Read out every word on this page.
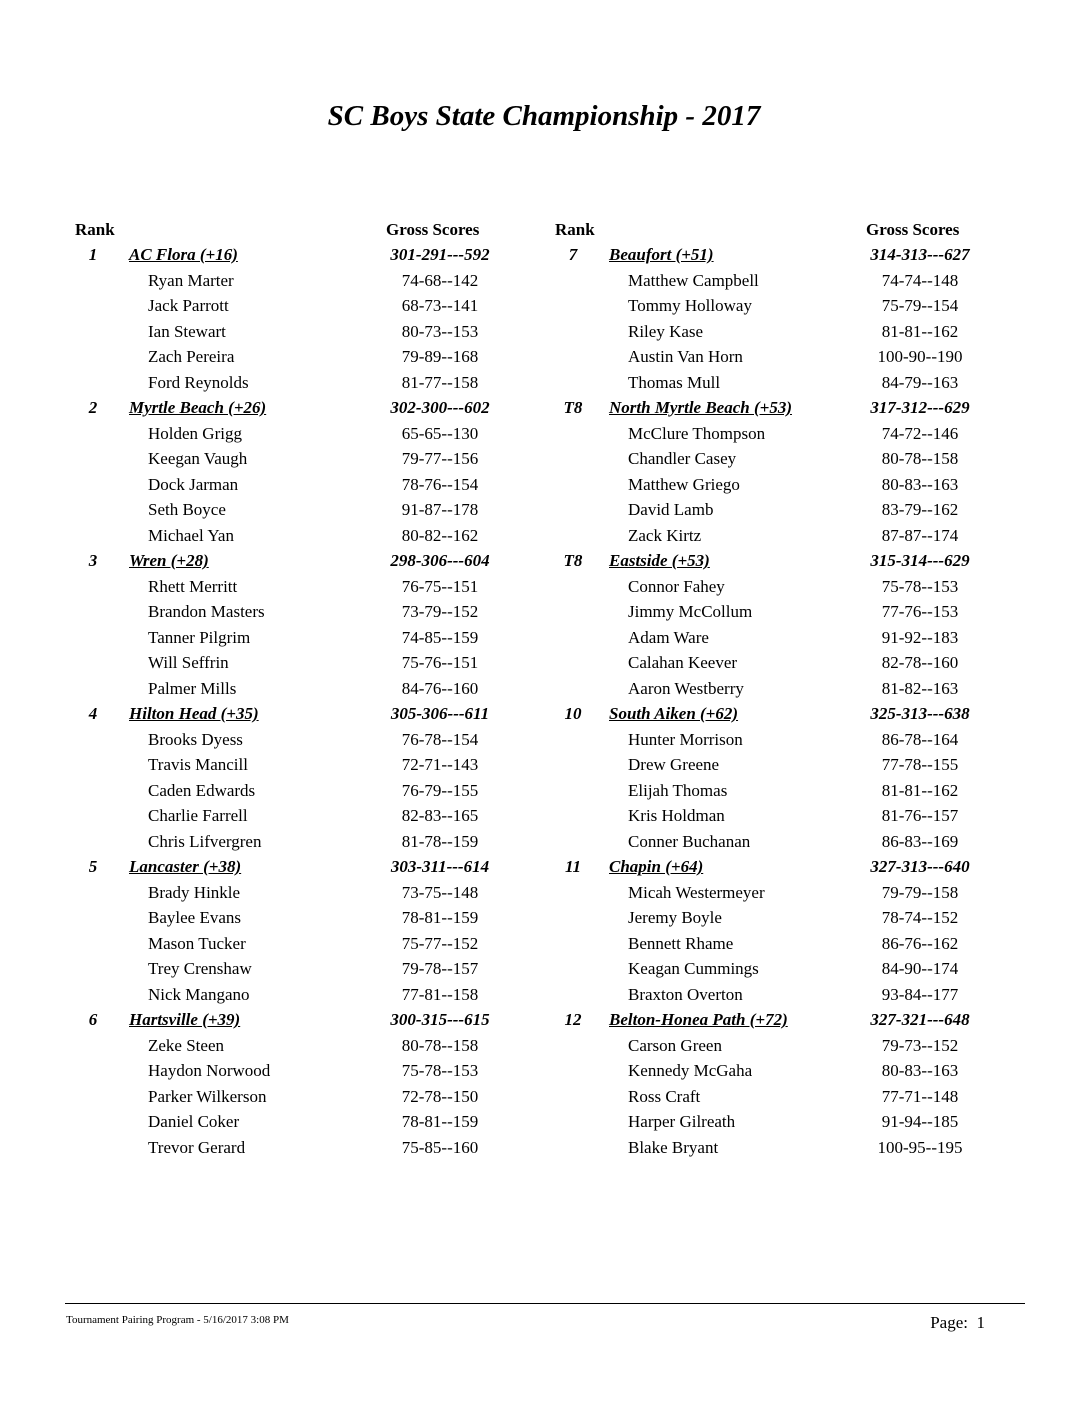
SC Boys State Championship - 2017
Rank	Gross Scores
1	AC Flora (+16)	301-291---592
Ryan Marter	74-68--142
Jack Parrott	68-73--141
Ian Stewart	80-73--153
Zach Pereira	79-89--168
Ford Reynolds	81-77--158
2	Myrtle Beach (+26)	302-300---602
Holden Grigg	65-65--130
Keegan Vaugh	79-77--156
Dock Jarman	78-76--154
Seth Boyce	91-87--178
Michael Yan	80-82--162
3	Wren (+28)	298-306---604
Rhett Merritt	76-75--151
Brandon Masters	73-79--152
Tanner Pilgrim	74-85--159
Will Seffrin	75-76--151
Palmer Mills	84-76--160
4	Hilton Head (+35)	305-306---611
Brooks Dyess	76-78--154
Travis Mancill	72-71--143
Caden Edwards	76-79--155
Charlie Farrell	82-83--165
Chris Lifvergren	81-78--159
5	Lancaster (+38)	303-311---614
Brady Hinkle	73-75--148
Baylee Evans	78-81--159
Mason Tucker	75-77--152
Trey Crenshaw	79-78--157
Nick Mangano	77-81--158
6	Hartsville (+39)	300-315---615
Zeke Steen	80-78--158
Haydon Norwood	75-78--153
Parker Wilkerson	72-78--150
Daniel Coker	78-81--159
Trevor Gerard	75-85--160
Rank	Gross Scores
7	Beaufort (+51)	314-313---627
Matthew Campbell	74-74--148
Tommy Holloway	75-79--154
Riley Kase	81-81--162
Austin Van Horn	100-90--190
Thomas Mull	84-79--163
T8	North Myrtle Beach (+53)	317-312---629
McClure Thompson	74-72--146
Chandler Casey	80-78--158
Matthew Griego	80-83--163
David Lamb	83-79--162
Zack Kirtz	87-87--174
T8	Eastside (+53)	315-314---629
Connor Fahey	75-78--153
Jimmy McCollum	77-76--153
Adam Ware	91-92--183
Calahan Keever	82-78--160
Aaron Westberry	81-82--163
10	South Aiken (+62)	325-313---638
Hunter Morrison	86-78--164
Drew Greene	77-78--155
Elijah Thomas	81-81--162
Kris Holdman	81-76--157
Conner Buchanan	86-83--169
11	Chapin (+64)	327-313---640
Micah Westermeyer	79-79--158
Jeremy Boyle	78-74--152
Bennett Rhame	86-76--162
Keagan Cummings	84-90--174
Braxton Overton	93-84--177
12	Belton-Honea Path (+72)	327-321---648
Carson Green	79-73--152
Kennedy McGaha	80-83--163
Ross Craft	77-71--148
Harper Gilreath	91-94--185
Blake Bryant	100-95--195
Tournament Pairing Program - 5/16/2017 3:08 PM	Page: 1
